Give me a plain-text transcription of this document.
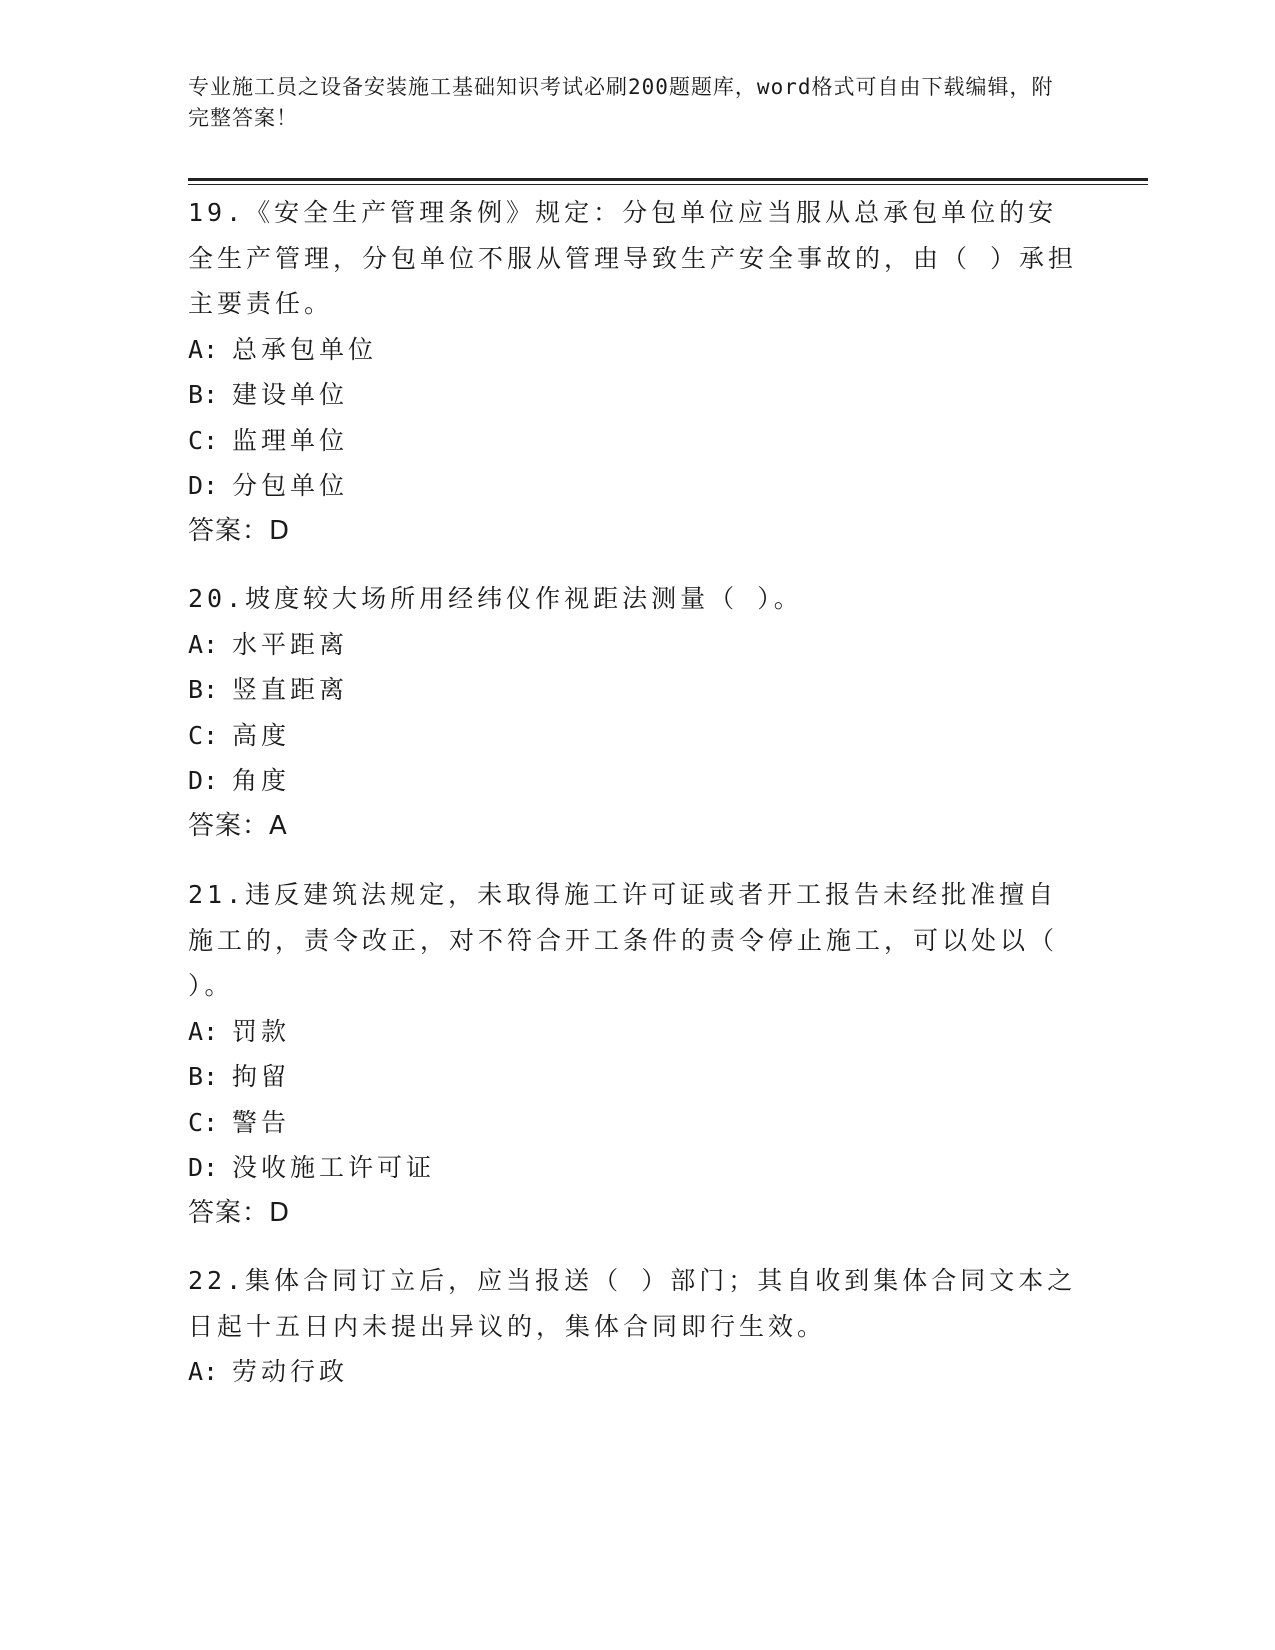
专业施工员之设备安装施工基础知识考试必刷200题题库，word格式可自由下载编辑，附完整答案！

19.《安全生产管理条例》规定：分包单位应当服从总承包单位的安全生产管理，分包单位不服从管理导致生产安全事故的，由（ ）承担主要责任。

A: 总承包单位

B: 建设单位

C: 监理单位

D: 分包单位

答案：D

20.坡度较大场所用经纬仪作视距法测量（ ）。

A: 水平距离

B: 竖直距离

C: 高度

D: 角度

答案：A

21.违反建筑法规定，未取得施工许可证或者开工报告未经批准擅自施工的，责令改正，对不符合开工条件的责令停止施工，可以处以（ ）。

A: 罚款

B: 拘留

C: 警告

D: 没收施工许可证

答案：D

22.集体合同订立后，应当报送（ ）部门；其自收到集体合同文本之日起十五日内未提出异议的，集体合同即行生效。

A: 劳动行政
